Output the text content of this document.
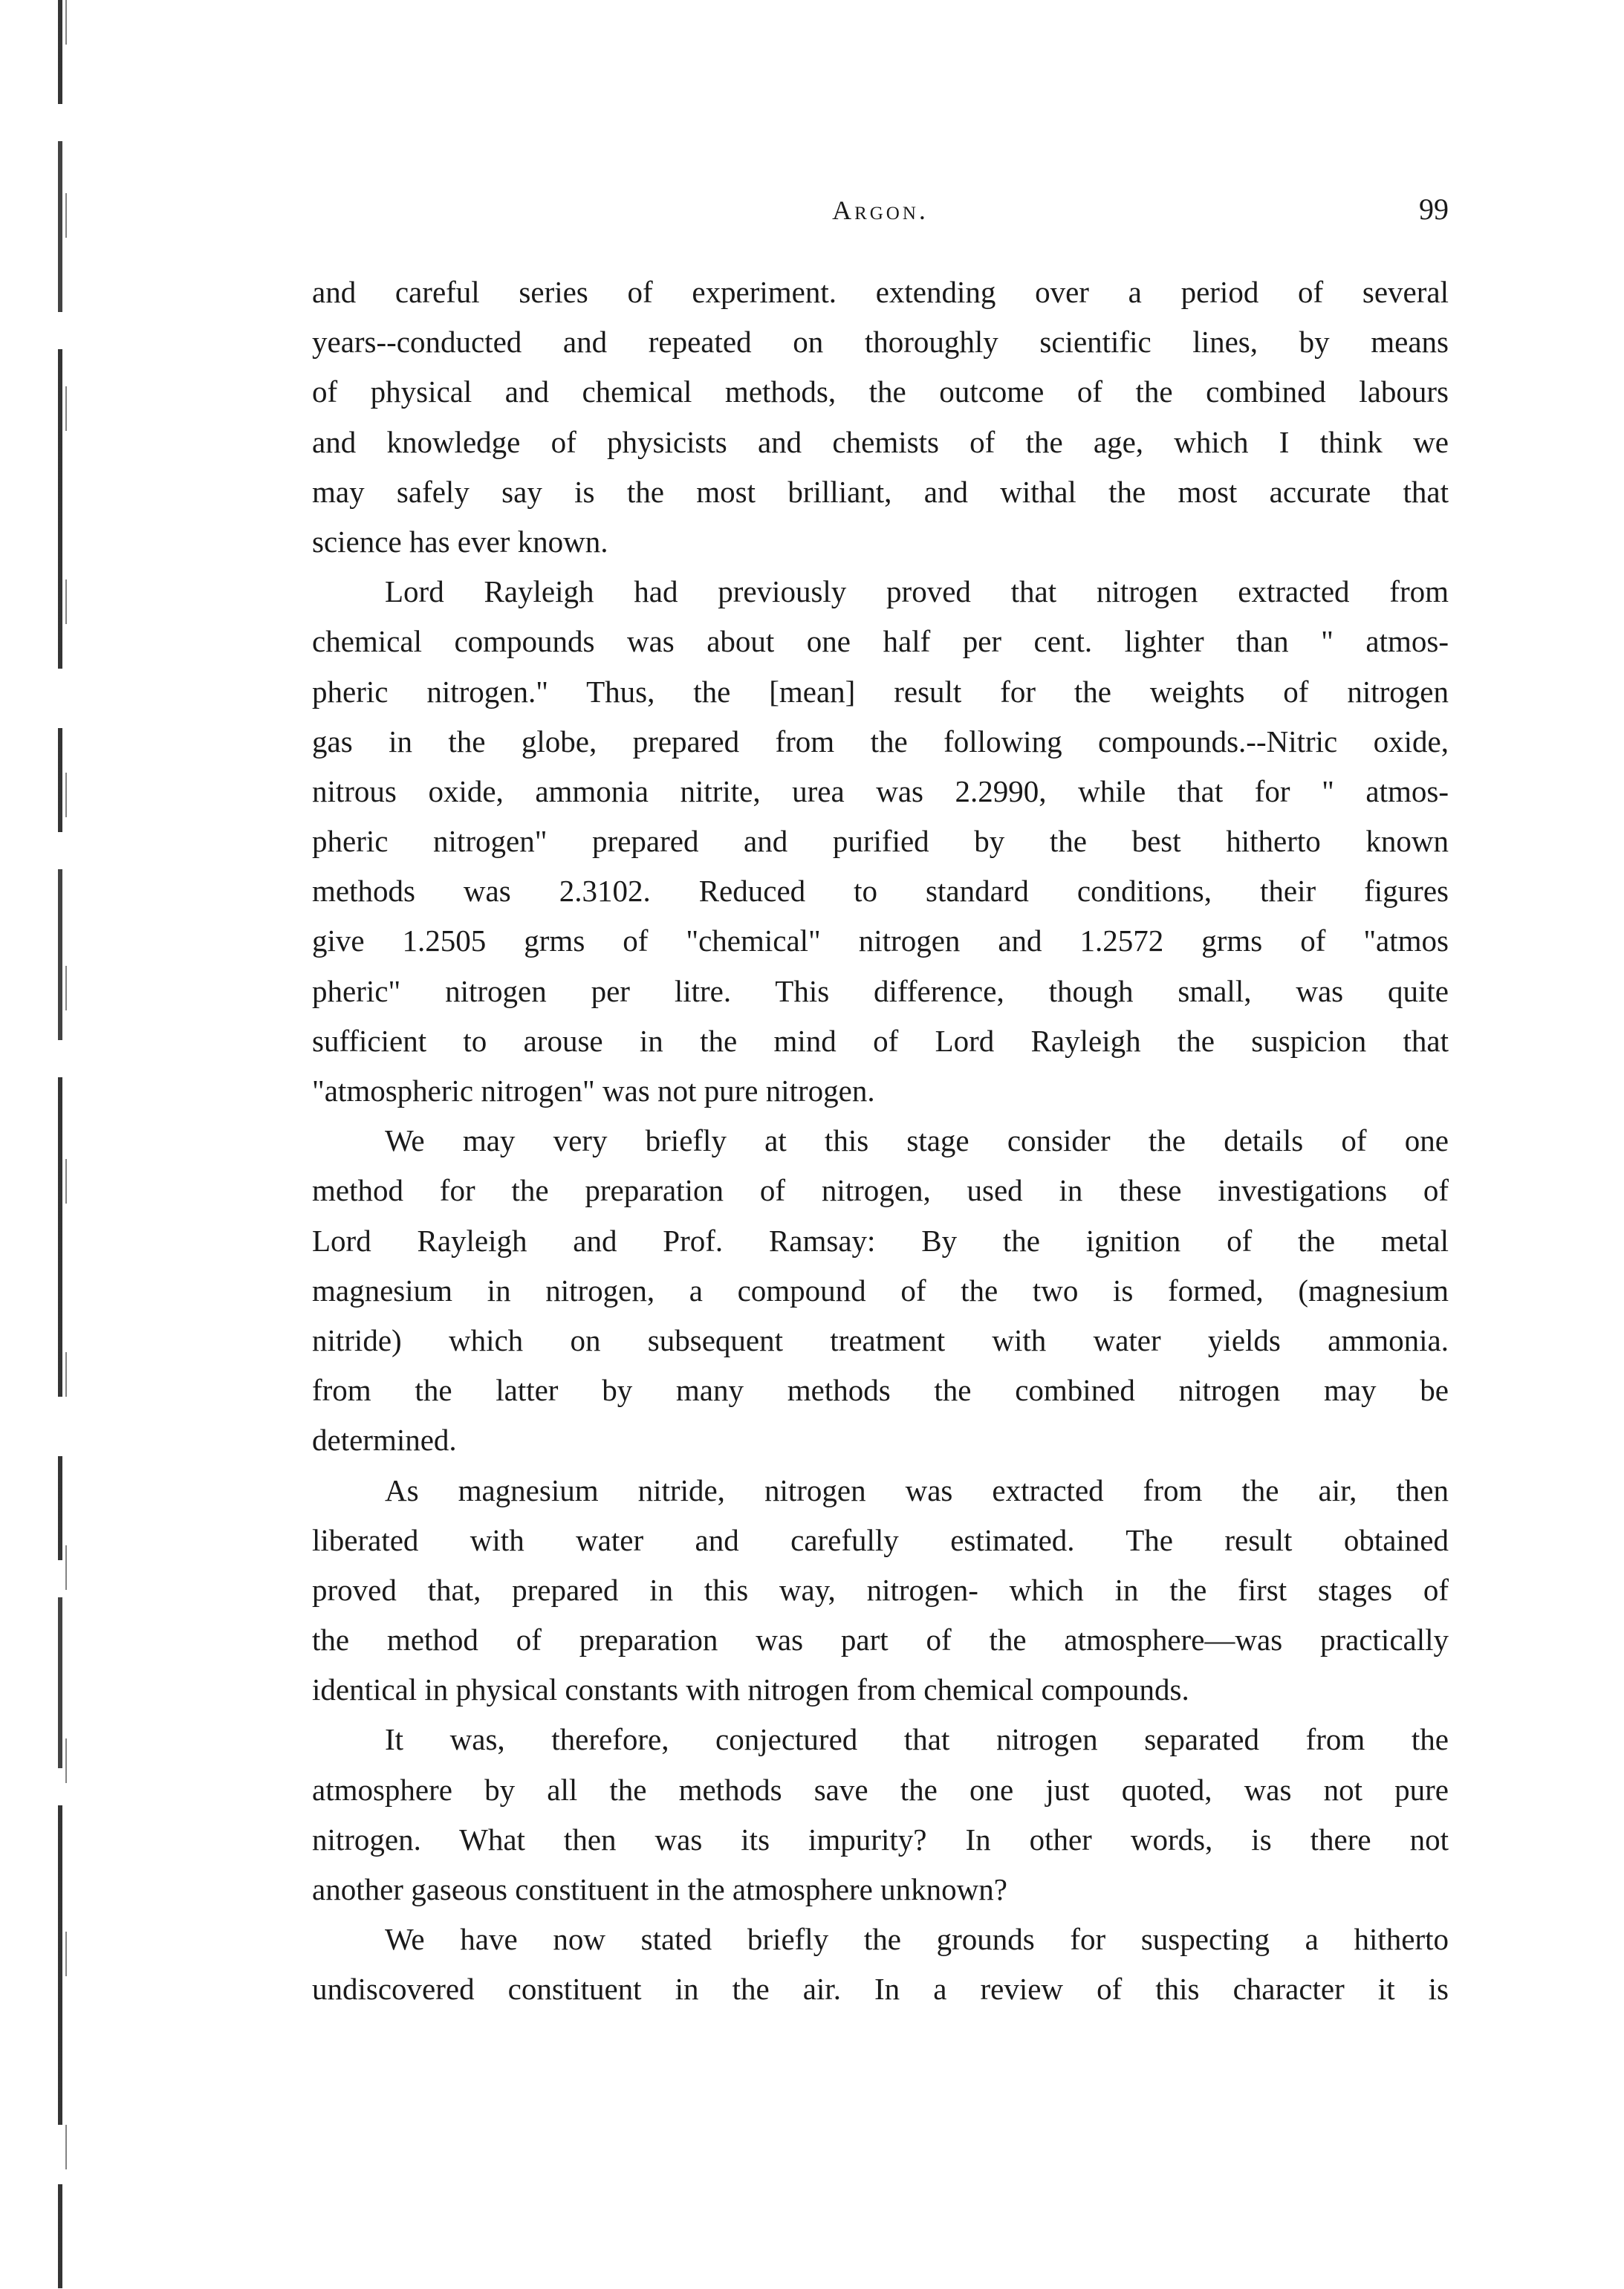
Argon.	99
and careful series of experiment. extending over a period of several
years--conducted and repeated on thoroughly scientific lines, by means
of physical and chemical methods, the outcome of the combined labours
and knowledge of physicists and chemists of the age, which I think we
may safely say is the most brilliant, and withal the most accurate that
science has ever known.
Lord Rayleigh had previously proved that nitrogen extracted from
chemical compounds was about one half per cent. lighter than " atmos-
pheric nitrogen." Thus, the [mean] result for the weights of nitrogen
gas in the globe, prepared from the following compounds.--Nitric oxide,
nitrous oxide, ammonia nitrite, urea was 2.2990, while that for " atmos-
pheric nitrogen" prepared and purified by the best hitherto known
methods was 2.3102. Reduced to standard conditions, their figures
give 1.2505 grms of "chemical" nitrogen and 1.2572 grms of "atmos
pheric" nitrogen per litre. This difference, though small, was quite
sufficient to arouse in the mind of Lord Rayleigh the suspicion that
"atmospheric nitrogen" was not pure nitrogen.
We may very briefly at this stage consider the details of one
method for the preparation of nitrogen, used in these investigations of
Lord Rayleigh and Prof. Ramsay: By the ignition of the metal
magnesium in nitrogen, a compound of the two is formed, (magnesium
nitride) which on subsequent treatment with water yields ammonia.
from the latter by many methods the combined nitrogen may be
determined.
As magnesium nitride, nitrogen was extracted from the air, then
liberated with water and carefully estimated. The result obtained
proved that, prepared in this way, nitrogen- which in the first stages of
the method of preparation was part of the atmosphere—was practically
identical in physical constants with nitrogen from chemical compounds.
It was, therefore, conjectured that nitrogen separated from the
atmosphere by all the methods save the one just quoted, was not pure
nitrogen. What then was its impurity? In other words, is there not
another gaseous constituent in the atmosphere unknown?
We have now stated briefly the grounds for suspecting a hitherto
undiscovered constituent in the air. In a review of this character it is
